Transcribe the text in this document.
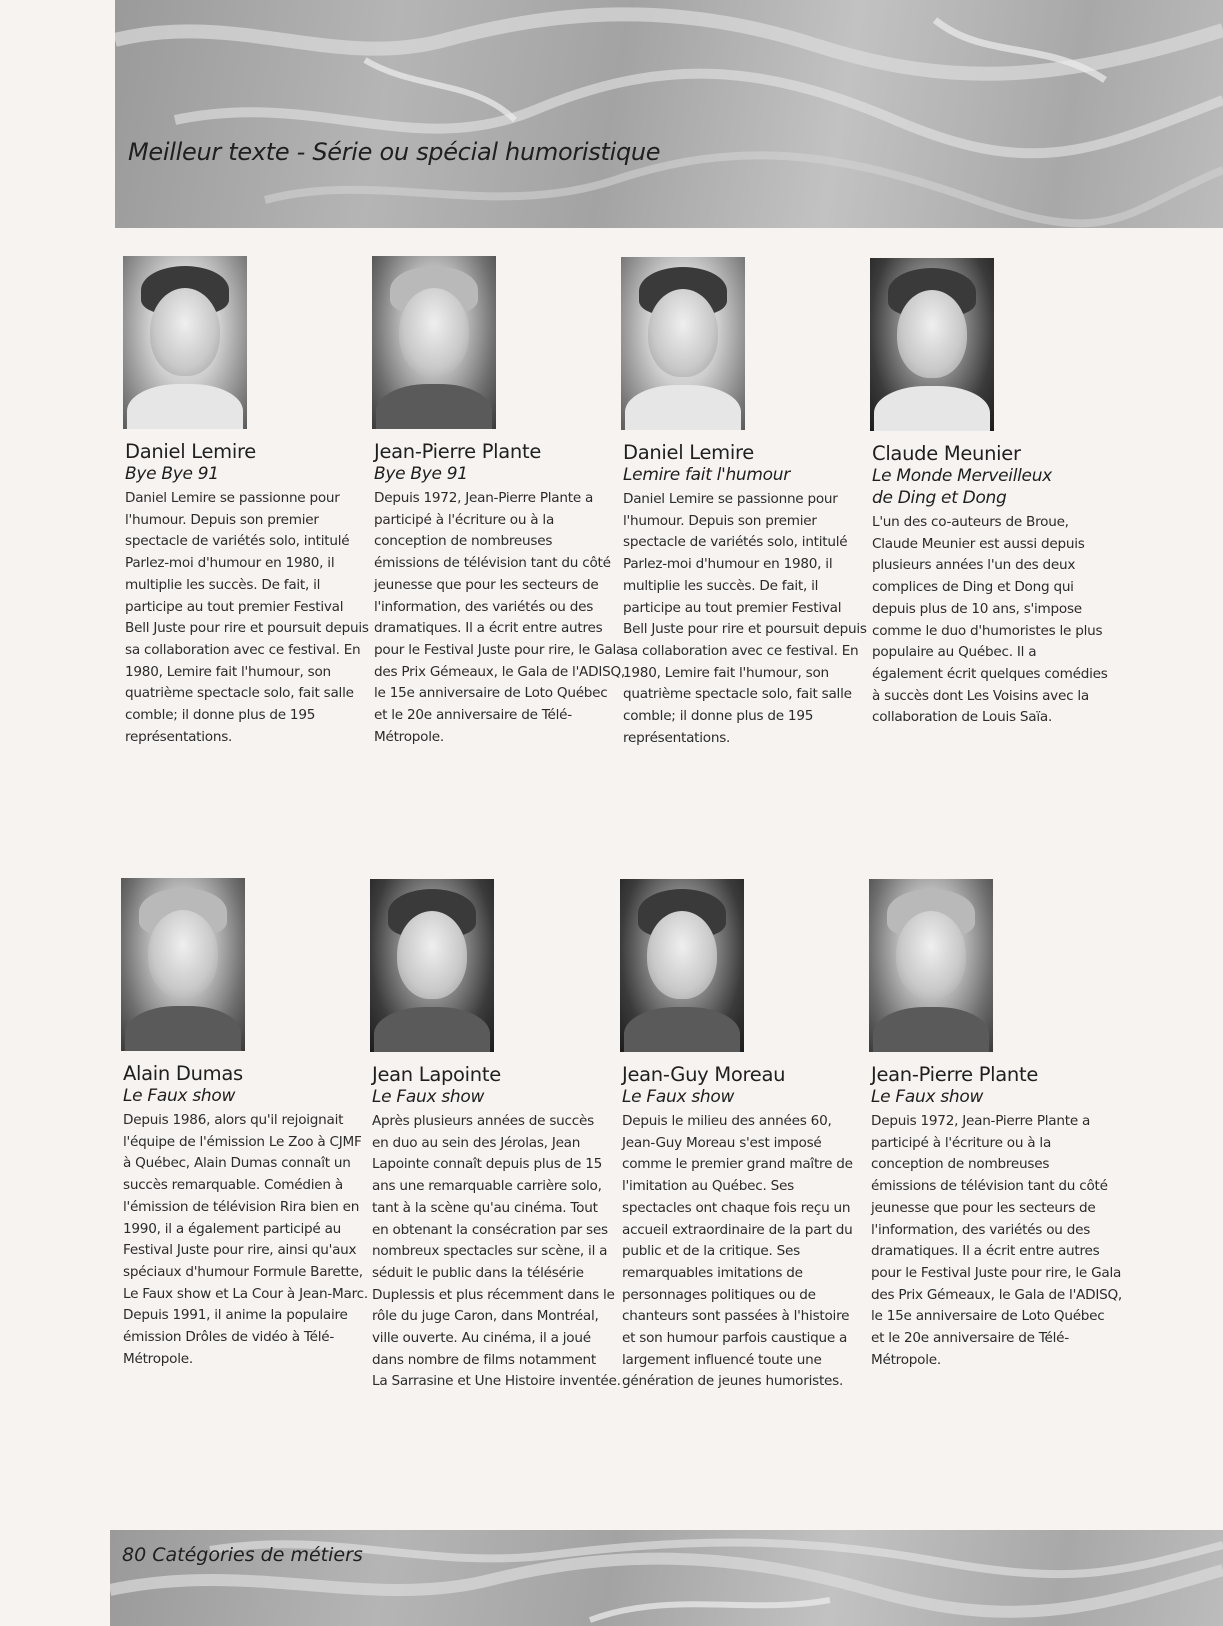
Meilleur texte - Série ou spécial humoristique
Daniel Lemire
Bye Bye 91
Daniel Lemire se passionne pour
l'humour. Depuis son premier
spectacle de variétés solo, intitulé
Parlez-moi d'humour en 1980, il
multiplie les succès. De fait, il
participe au tout premier Festival
Bell Juste pour rire et poursuit depuis
sa collaboration avec ce festival. En
1980, Lemire fait l'humour, son
quatrième spectacle solo, fait salle
comble; il donne plus de 195
représentations.
Jean-Pierre Plante
Bye Bye 91
Depuis 1972, Jean-Pierre Plante a
participé à l'écriture ou à la
conception de nombreuses
émissions de télévision tant du côté
jeunesse que pour les secteurs de
l'information, des variétés ou des
dramatiques. Il a écrit entre autres
pour le Festival Juste pour rire, le Gala
des Prix Gémeaux, le Gala de l'ADISQ,
le 15e anniversaire de Loto Québec
et le 20e anniversaire de Télé-
Métropole.
Daniel Lemire
Lemire fait l'humour
Daniel Lemire se passionne pour
l'humour. Depuis son premier
spectacle de variétés solo, intitulé
Parlez-moi d'humour en 1980, il
multiplie les succès. De fait, il
participe au tout premier Festival
Bell Juste pour rire et poursuit depuis
sa collaboration avec ce festival. En
1980, Lemire fait l'humour, son
quatrième spectacle solo, fait salle
comble; il donne plus de 195
représentations.
Claude Meunier
Le Monde Merveilleux
de Ding et Dong
L'un des co-auteurs de Broue,
Claude Meunier est aussi depuis
plusieurs années l'un des deux
complices de Ding et Dong qui
depuis plus de 10 ans, s'impose
comme le duo d'humoristes le plus
populaire au Québec. Il a
également écrit quelques comédies
à succès dont Les Voisins avec la
collaboration de Louis Saïa.
Alain Dumas
Le Faux show
Depuis 1986, alors qu'il rejoignait
l'équipe de l'émission Le Zoo à CJMF
à Québec, Alain Dumas connaît un
succès remarquable. Comédien à
l'émission de télévision Rira bien en
1990, il a également participé au
Festival Juste pour rire, ainsi qu'aux
spéciaux d'humour Formule Barette,
Le Faux show et La Cour à Jean-Marc.
Depuis 1991, il anime la populaire
émission Drôles de vidéo à Télé-
Métropole.
Jean Lapointe
Le Faux show
Après plusieurs années de succès
en duo au sein des Jérolas, Jean
Lapointe connaît depuis plus de 15
ans une remarquable carrière solo,
tant à la scène qu'au cinéma. Tout
en obtenant la consécration par ses
nombreux spectacles sur scène, il a
séduit le public dans la télésérie
Duplessis et plus récemment dans le
rôle du juge Caron, dans Montréal,
ville ouverte. Au cinéma, il a joué
dans nombre de films notamment
La Sarrasine et Une Histoire inventée.
Jean-Guy Moreau
Le Faux show
Depuis le milieu des années 60,
Jean-Guy Moreau s'est imposé
comme le premier grand maître de
l'imitation au Québec. Ses
spectacles ont chaque fois reçu un
accueil extraordinaire de la part du
public et de la critique. Ses
remarquables imitations de
personnages politiques ou de
chanteurs sont passées à l'histoire
et son humour parfois caustique a
largement influencé toute une
génération de jeunes humoristes.
Jean-Pierre Plante
Le Faux show
Depuis 1972, Jean-Pierre Plante a
participé à l'écriture ou à la
conception de nombreuses
émissions de télévision tant du côté
jeunesse que pour les secteurs de
l'information, des variétés ou des
dramatiques. Il a écrit entre autres
pour le Festival Juste pour rire, le Gala
des Prix Gémeaux, le Gala de l'ADISQ,
le 15e anniversaire de Loto Québec
et le 20e anniversaire de Télé-
Métropole.

80 Catégories de métiers
